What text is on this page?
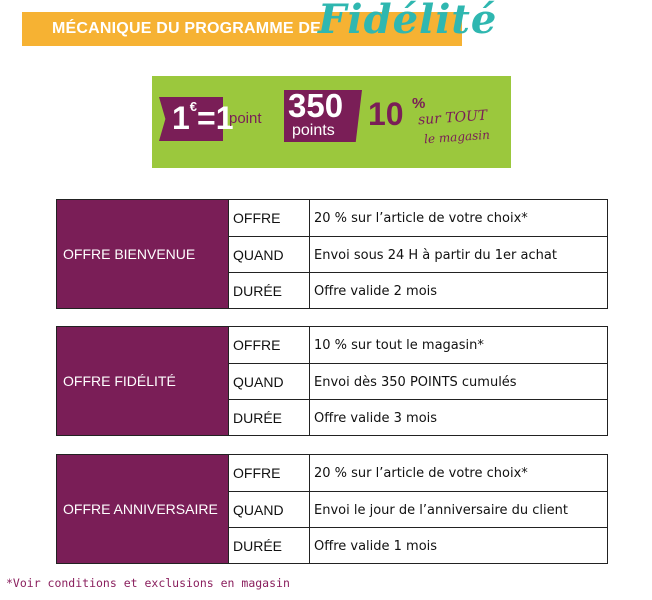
MÉCANIQUE DU PROGRAMME DE
Fidélité
1€=1
point 350
points 10 %
sur TOUT
le magasin
OFFRE BIENVENUE
OFFRE	20 % sur l’article de votre choix*
QUAND	Envoi sous 24 H à partir du 1er achat
DURÉE	Offre valide 2 mois
OFFRE FIDÉLITÉ
OFFRE	10 % sur tout le magasin*
QUAND	Envoi dès 350 POINTS cumulés
DURÉE	Offre valide 3 mois
OFFRE ANNIVERSAIRE
OFFRE	20 % sur l’article de votre choix*
QUAND	Envoi le jour de l’anniversaire du client
DURÉE	Offre valide 1 mois
*Voir conditions et exclusions en magasin
